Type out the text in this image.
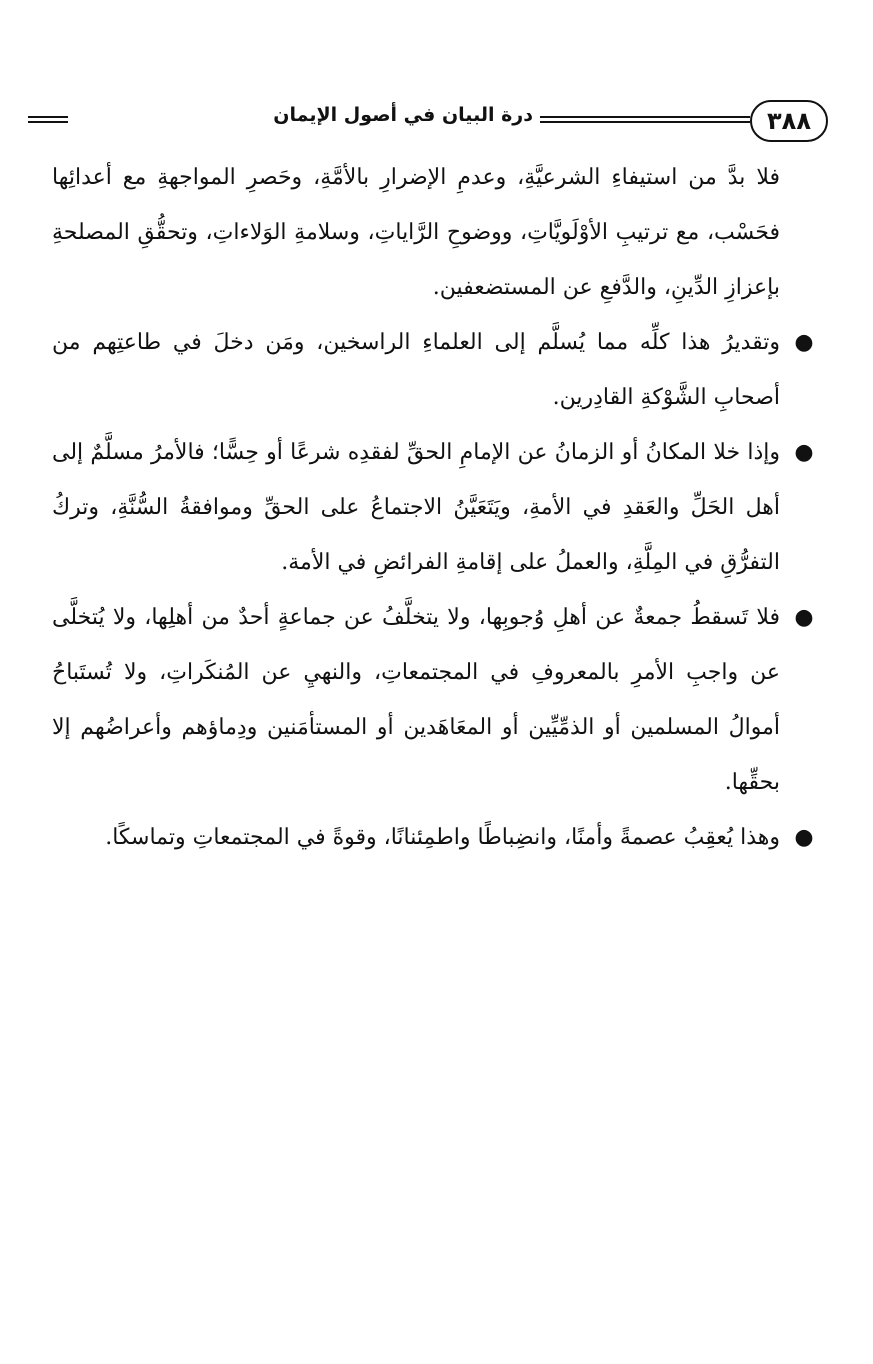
٣٨٨
درة البيان في أصول الإيمان

فلا بدَّ من استيفاءِ الشرعيَّةِ، وعدمِ الإضرارِ بالأمَّةِ، وحَصرِ المواجهةِ مع أعدائِها فحَسْب، مع ترتيبِ الأوْلَويَّاتِ، ووضوحِ الرَّاياتِ، وسلامةِ الوَلاءاتِ، وتحقُّقِ المصلحةِ بإعزازِ الدِّينِ، والدَّفعِ عن المستضعفين.

●
وتقديرُ هذا كلِّه مما يُسلَّم إلى العلماءِ الراسخين، ومَن دخلَ في طاعتِهم من أصحابِ الشَّوْكةِ القادِرين.

●
وإذا خلا المكانُ أو الزمانُ عن الإمامِ الحقِّ لفقدِه شرعًا أو حِسًّا؛ فالأمرُ مسلَّمٌ إلى أهل الحَلِّ والعَقدِ في الأمةِ، ويَتَعَيَّنُ الاجتماعُ على الحقِّ وموافقةُ السُّنَّةِ، وتركُ التفرُّقِ في المِلَّةِ، والعملُ على إقامةِ الفرائضِ في الأمة.

●
فلا تَسقطُ جمعةٌ عن أهلِ وُجوبِها، ولا يتخلَّفُ عن جماعةٍ أحدٌ من أهلِها، ولا يُتخلَّى عن واجبِ الأمرِ بالمعروفِ في المجتمعاتِ، والنهيِ عن المُنكَراتِ، ولا تُستَباحُ أموالُ المسلمين أو الذمِّيِّين أو المعَاهَدين أو المستأمَنين ودِماؤهم وأعراضُهم إلا بحقِّها.

●
وهذا يُعقِبُ عصمةً وأمنًا، وانضِباطًا واطمِئنانًا، وقوةً في المجتمعاتِ وتماسكًا.
